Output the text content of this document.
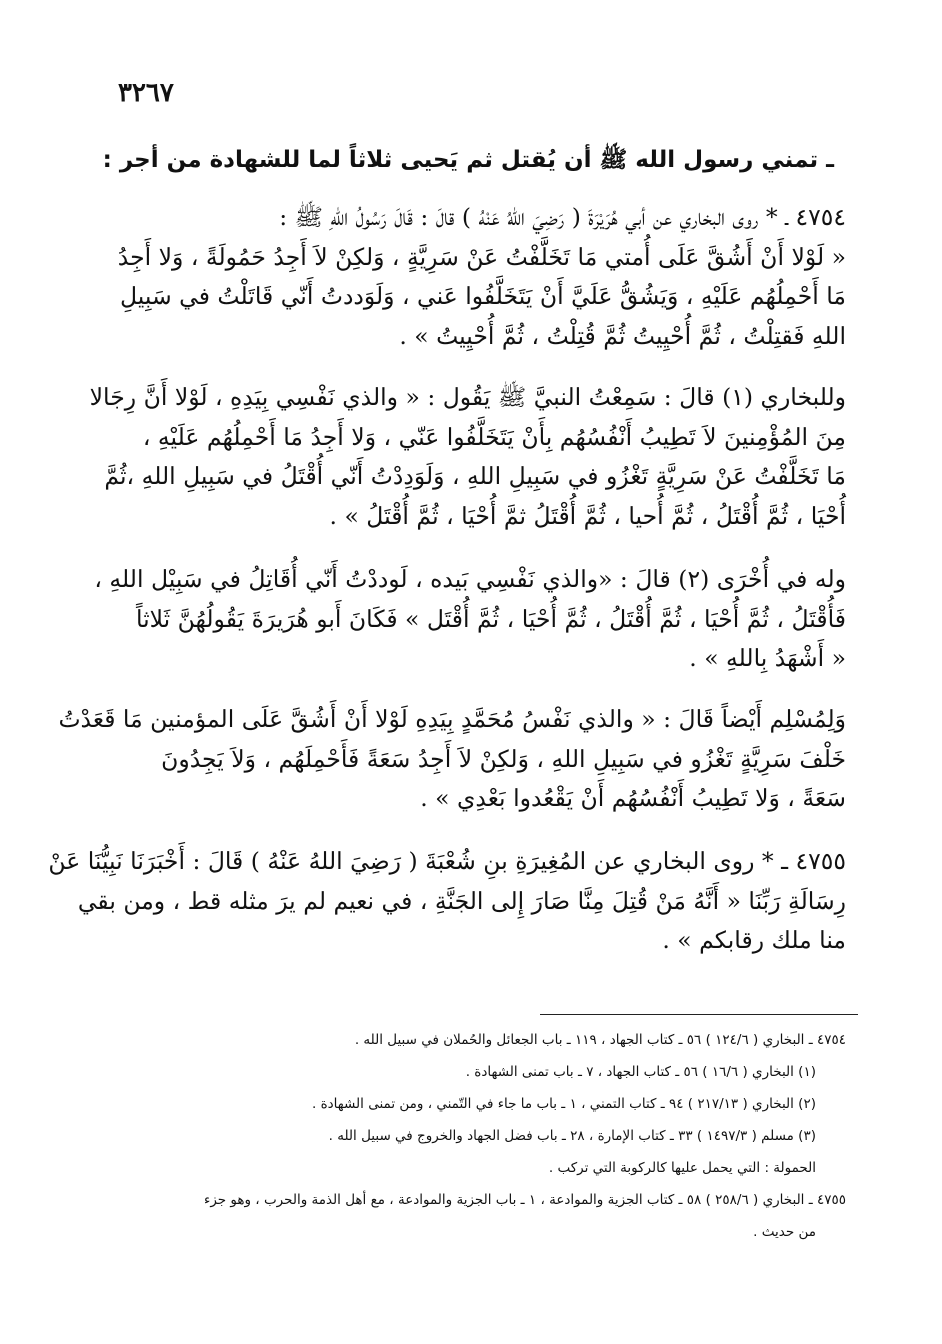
٣٢٦٧
ـ تمني رسول الله ﷺ أن يُقتل ثم يَحيى ثلاثاً لما للشهادة من أجر :
٤٧٥٤ ـ * روى البخاري عن أبي هُرَيْرَةَ ( رَضِيَ اللهُ عَنْهُ ) قالَ : قَالَ رَسُولُ اللهِ ﷺ :
« لَوْلا أَنْ أَشُقَّ عَلَى أُمتي مَا تَخَلَّفْتُ عَنْ سَرِيَّةٍ ، وَلكِنْ لاَ أَجِدُ حَمُولَةً ، وَلا أَجِدُ
مَا أَحْمِلُهُم عَلَيْهِ ، وَيَشُقُّ عَلَيَّ أَنْ يَتَخَلَّفُوا عَني ، وَلَوَددتُ أَنّي قَاتَلْتُ في سَبِيلِ
اللهِ فَقتِلْتُ ، ثُمَّ أُحْيِيتُ ثُمَّ قُتِلْتُ ، ثُمَّ أُحْيِيتُ » .
وللبخاري (١) قالَ : سَمِعْتُ النبيَّ ﷺ يَقُول : « والذي نَفْسِي بِيَدِهِ ، لَوْلا أَنَّ رِجَالا
مِنَ المُؤْمِنينَ لاَ تَطِيبُ أَنْفُسُهُم بِأَنْ يَتَخَلَّفُوا عَنّي ، وَلا أَجِدُ مَا أَحْمِلُهُم عَلَيْهِ ،
مَا تَخَلَّفْتُ عَنْ سَرِيَّةٍ تَغْزُو في سَبِيلِ اللهِ ، وَلَوَدِدْتُ أَنّي أُقْتَلُ في سَبِيلِ اللهِ ،ثُمَّ
أُحْيَا ، ثُمَّ أُقْتَلُ ، ثُمَّ أُحيا ، ثُمَّ أُقْتَلُ ثمَّ أُحْيَا ، ثُمَّ أُقْتَلُ » .
وله في أُخْرَى (٢) قالَ : «والذي نَفْسِي بَيده ، لَوددْتُ أَنّي أُقَاتِلُ في سَبِيْل اللهِ ،
فَأُقْتَلُ ، ثُمَّ أُحْيَا ، ثُمَّ أُقْتَلُ ، ثُمَّ أُحْيَا ، ثُمَّ أُقْتَل » فَكَانَ أَبو هُرَيرَةَ يَقُولُهُنَّ ثَلاثاً
« أَشْهَدُ بِاللهِ » .
وَلِمُسْلِم أَيْضاً قَالَ : « والذي نَفْسُ مُحَمَّدٍ بِيَدِهِ لَوْلا أَنْ أَشُقَّ عَلَى المؤمنين مَا قَعَدْتُ
خَلْفَ سَرِيَّةٍ تَغْزُو في سَبِيلِ اللهِ ، وَلكِنْ لاَ أَجِدُ سَعَةً فَأَحْمِلَهُم ، وَلاَ يَجِدُونَ
سَعَةً ، وَلا تَطِيبُ أَنْفُسُهُم أَنْ يَقْعُدوا بَعْدِي » .
٤٧٥٥ ـ * روى البخاري عن المُغِيرَةِ بنِ شُعْبَةَ ( رَضِيَ اللهُ عَنْهُ ) قَالَ : أَخْبَرَنَا نَبِيُّنَا عَنْ
رِسَالَةِ رَبِّنَا « أَنَّهُ مَنْ قُتِلَ مِنَّا صَارَ إِلى الجَنَّةِ ، في نعيم لم يرَ مثله قط ، ومن بقي
منا ملك رقابكم » .
٤٧٥٤ ـ البخاري ( ١٢٤/٦ ) ٥٦ ـ كتاب الجهاد ، ١١٩ ـ باب الجعائل والحُملان في سبيل الله .
(١) البخاري ( ١٦/٦ ) ٥٦ ـ كتاب الجهاد ، ٧ ـ باب تمنى الشهادة .
(٢) البخاري ( ٢١٧/١٣ ) ٩٤ ـ كتاب التمني ، ١ ـ باب ما جاء في التّمني ، ومن تمنى الشهادة .
(٣) مسلم ( ١٤٩٧/٣ ) ٣٣ ـ كتاب الإمارة ، ٢٨ ـ باب فضل الجهاد والخروج في سبيل الله .
الحمولة : التي يحمل عليها كالركوبة التي تركب .
٤٧٥٥ ـ البخاري ( ٢٥٨/٦ ) ٥٨ ـ كتاب الجزية والموادعة ، ١ ـ باب الجزية والموادعة ، مع أهل الذمة والحرب ، وهو جزء
من حديث .
